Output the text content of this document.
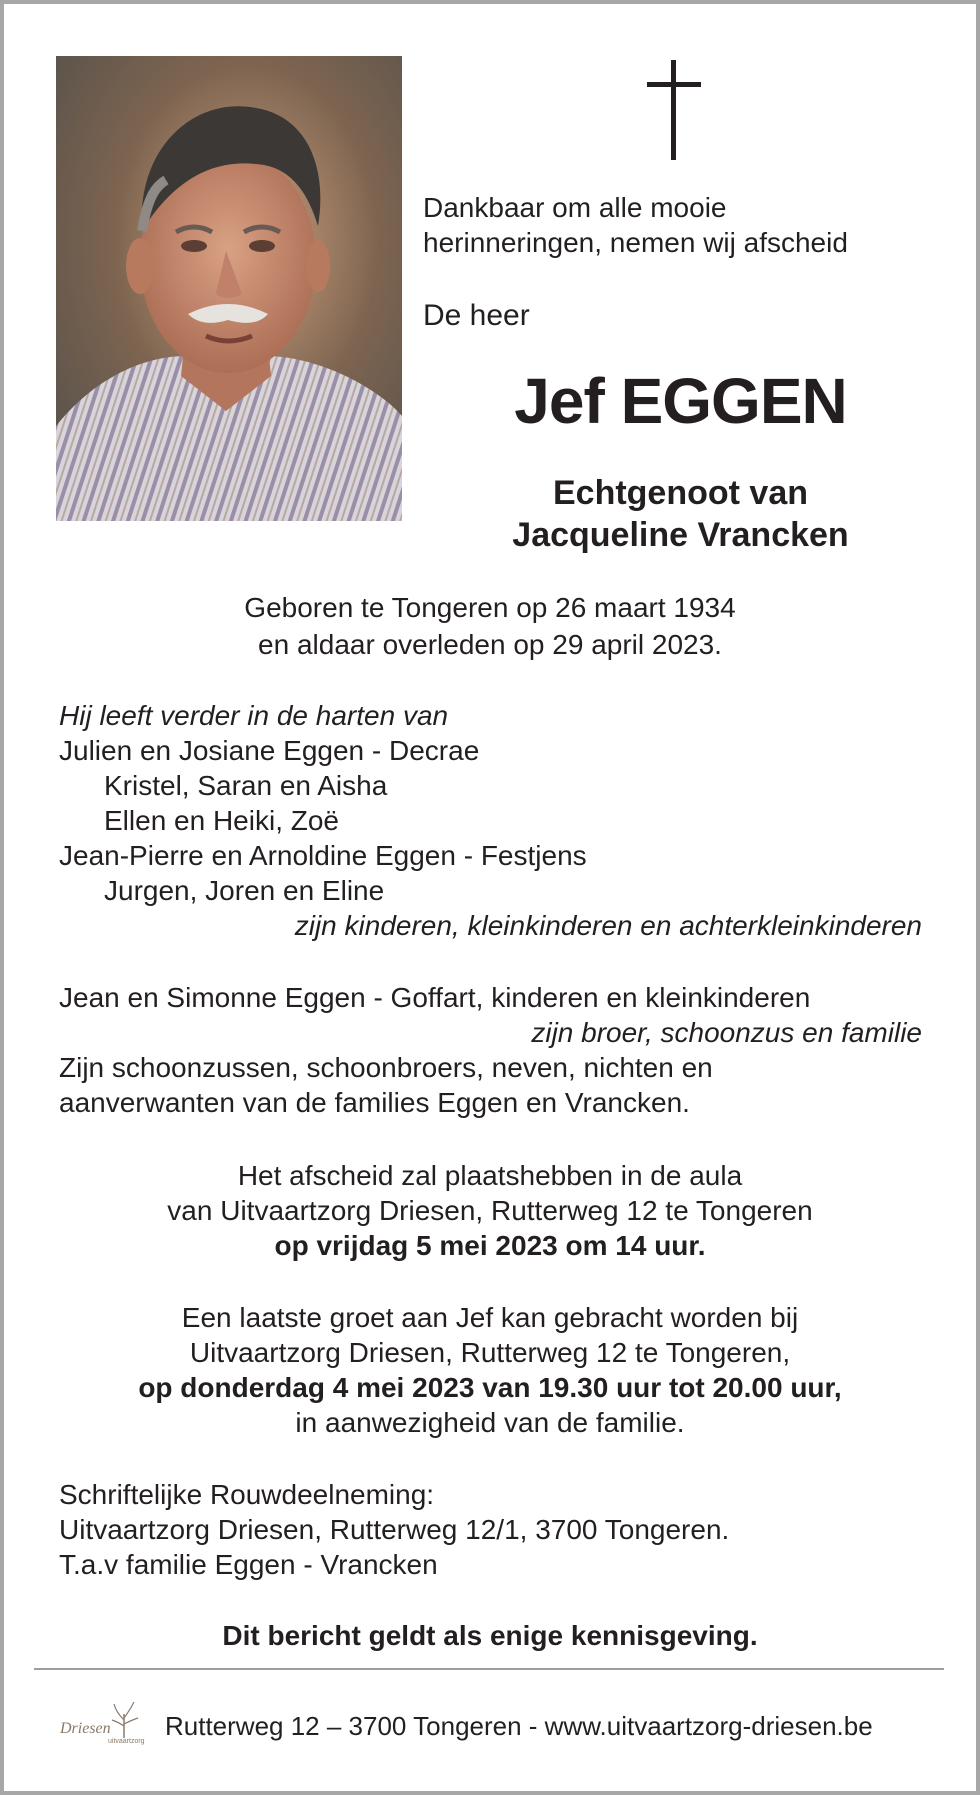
Dankbaar om alle mooie
herinneringen, nemen wij afscheid
De heer
Jef EGGEN
Echtgenoot van
Jacqueline Vrancken
Geboren te Tongeren op 26 maart 1934
en aldaar overleden op 29 april 2023.
Hij leeft verder in de harten van
Julien en Josiane Eggen - Decrae
Kristel, Saran en Aisha
Ellen en Heiki, Zoë
Jean-Pierre en Arnoldine Eggen - Festjens
Jurgen, Joren en Eline
zijn kinderen, kleinkinderen en achterkleinkinderen
Jean en Simonne Eggen - Goffart, kinderen en kleinkinderen
zijn broer, schoonzus en familie
Zijn schoonzussen, schoonbroers, neven, nichten en
aanverwanten van de families Eggen en Vrancken.
Het afscheid zal plaatshebben in de aula
van Uitvaartzorg Driesen, Rutterweg 12 te Tongeren
op vrijdag 5 mei 2023 om 14 uur.
Een laatste groet aan Jef kan gebracht worden bij
Uitvaartzorg Driesen, Rutterweg 12 te Tongeren,
op donderdag 4 mei 2023 van 19.30 uur tot 20.00 uur,
in aanwezigheid van de familie.
Schriftelijke Rouwdeelneming:
Uitvaartzorg Driesen, Rutterweg 12/1, 3700 Tongeren.
T.a.v familie Eggen - Vrancken
Dit bericht geldt als enige kennisgeving.
Driesen
uitvaartzorg
Rutterweg 12 – 3700 Tongeren - www.uitvaartzorg-driesen.be
